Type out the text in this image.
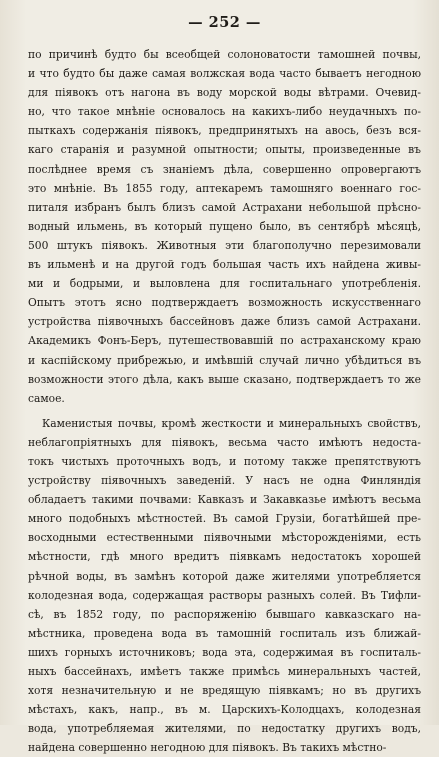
— 252 —
по причинѣ будто бы всеобщей солоноватости тамошней почвы,
и что будто бы даже самая волжская вода часто бываетъ негодною
для піявокъ отъ нагона въ воду морской воды вѣтрами. Очевид-
но, что такое мнѣніе основалось на какихъ-либо неудачныхъ по-
пыткахъ содержанія піявокъ, предпринятыхъ на авось, безъ вся-
каго старанія и разумной опытности; опыты, произведенные въ
послѣднее время съ знаніемъ дѣла, совершенно опровергаютъ
это мнѣніе. Въ 1855 году, аптекаремъ тамошняго военнаго гос-
питаля избранъ былъ близъ самой Астрахани небольшой прѣсно-
водный ильмень, въ который пущено было, въ сентябрѣ мѣсяцѣ,
500 штукъ піявокъ. Животныя эти благополучно перезимовали
въ ильменѣ и на другой годъ большая часть ихъ найдена живы-
ми и бодрыми, и выловлена для госпитальнаго употребленія.
Опытъ этотъ ясно подтверждаетъ возможность искусственнаго
устройства піявочныхъ бассейновъ даже близъ самой Астрахани.
Академикъ Фонъ-Беръ, путешествовавшій по астраханскому краю
и каспійскому прибрежью, и имѣвшій случай лично убѣдиться въ
возможности этого дѣла, какъ выше сказано, подтверждаетъ то же
самое.
Каменистыя почвы, кромѣ жесткости и минеральныхъ свойствъ,
неблагопріятныхъ для піявокъ, весьма часто имѣютъ недоста-
токъ чистыхъ проточныхъ водъ, и потому также препятствуютъ
устройству піявочныхъ заведеній. У насъ не одна Финляндія
обладаетъ такими почвами: Кавказъ и Закавказье имѣютъ весьма
много подобныхъ мѣстностей. Въ самой Грузіи, богатѣйшей пре-
восходными естественными піявочными мѣсторожденіями, есть
мѣстности, гдѣ много вредитъ піявкамъ недостатокъ хорошей
рѣчной воды, въ замѣнъ которой даже жителями употребляется
колодезная вода, содержащая растворы разныхъ солей. Въ Тифли-
сѣ, въ 1852 году, по распоряженію бывшаго кавказскаго на-
мѣстника, проведена вода въ тамошній госпиталь изъ ближай-
шихъ горныхъ источниковъ; вода эта, содержимая въ госпиталь-
ныхъ бассейнахъ, имѣетъ также примѣсь минеральныхъ частей,
хотя незначительную и не вредящую піявкамъ; но въ другихъ
мѣстахъ, какъ, напр., въ м. Царскихъ-Колодцахъ, колодезная
вода, употребляемая жителями, по недостатку другихъ водъ,
найдена совершенно негодною для піявокъ. Въ такихъ мѣстно-
